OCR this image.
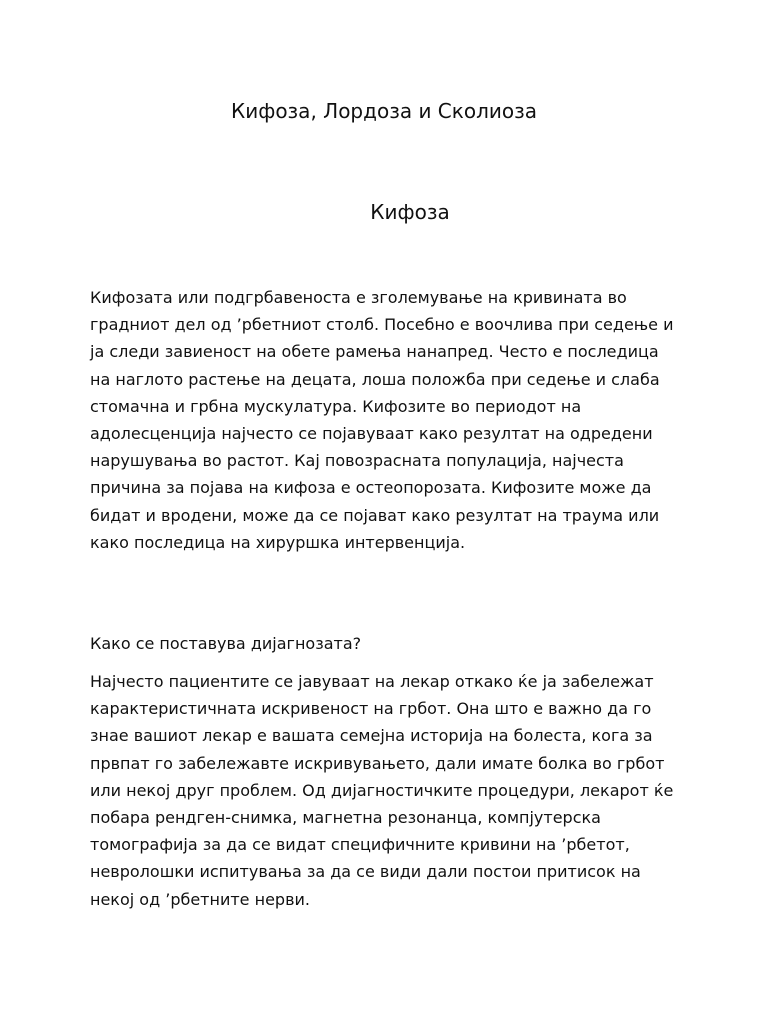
Кифоза, Лордоза и Сколиоза
Кифоза

Кифозата или подгрбавеноста е зголемување на кривината во градниот дел од ’рбетниот столб. Посебно е воочлива при седење и ја следи завиеност на обете рамења нанапред. Често е последица на наглото растење на децата, лоша положба при седење и слаба стомачна и грбна мускулатура. Кифозите во периодот на адолесценција најчесто се појавуваат како резултат на одредени нарушувања во растот. Кај повозрасната популација, најчеста причина за појава на кифоза е остеопорозата. Кифозите може да бидат и вродени, може да се појават како резултат на траума или како последица на хируршка интервенција.

Како се поставува дијагнозата?

Најчесто пациентите се јавуваат на лекар откако ќе ја забележат карактеристичната искривеност на грбот. Она што е важно да го знае вашиот лекар е вашата семејна историја на болеста, кога за првпат го забележавте искривувањето, дали имате болка во грбот или некој друг проблем. Од дијагностичките процедури, лекарот ќе побара рендген-снимка, магнетна резонанца, компјутерска томографија за да се видат специфичните кривини на ’рбетот, невролошки испитувања за да се види дали постои притисок на некој од ’рбетните нерви.
